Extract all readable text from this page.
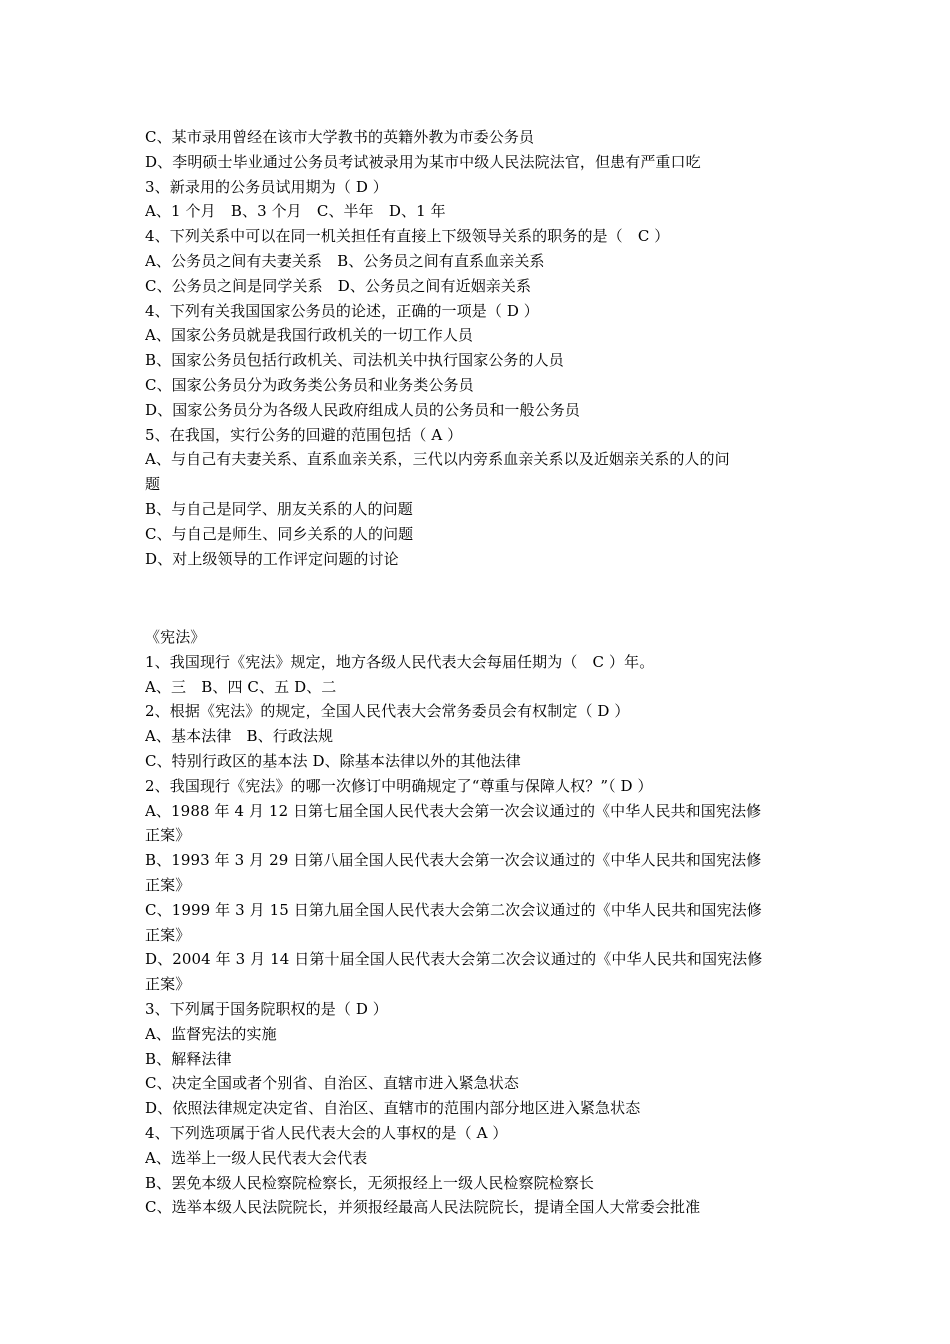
C、某市录用曾经在该市大学教书的英籍外教为市委公务员
D、李明硕士毕业通过公务员考试被录用为某市中级人民法院法官，但患有严重口吃
3、新录用的公务员试用期为（ D ）
A、1 个月　B、3 个月　C、半年　D、1 年
4、下列关系中可以在同一机关担任有直接上下级领导关系的职务的是（　C ）
A、公务员之间有夫妻关系　B、公务员之间有直系血亲关系
C、公务员之间是同学关系　D、公务员之间有近姻亲关系
4、下列有关我国国家公务员的论述，正确的一项是（ D ）
A、国家公务员就是我国行政机关的一切工作人员
B、国家公务员包括行政机关、司法机关中执行国家公务的人员
C、国家公务员分为政务类公务员和业务类公务员
D、国家公务员分为各级人民政府组成人员的公务员和一般公务员
5、在我国，实行公务的回避的范围包括（ A ）
A、与自己有夫妻关系、直系血亲关系，三代以内旁系血亲关系以及近姻亲关系的人的问
题
B、与自己是同学、朋友关系的人的问题
C、与自己是师生、同乡关系的人的问题
D、对上级领导的工作评定问题的讨论
《宪法》
1、我国现行《宪法》规定，地方各级人民代表大会每届任期为（　C ）年。
A、三　B、四 C、五 D、二
2、根据《宪法》的规定，全国人民代表大会常务委员会有权制定（ D ）
A、基本法律　B、行政法规
C、特别行政区的基本法 D、除基本法律以外的其他法律
2、我国现行《宪法》的哪一次修订中明确规定了“尊重与保障人权？”（ D ）
A、1988 年 4 月 12 日第七届全国人民代表大会第一次会议通过的《中华人民共和国宪法修
正案》
B、1993 年 3 月 29 日第八届全国人民代表大会第一次会议通过的《中华人民共和国宪法修
正案》
C、1999 年 3 月 15 日第九届全国人民代表大会第二次会议通过的《中华人民共和国宪法修
正案》
D、2004 年 3 月 14 日第十届全国人民代表大会第二次会议通过的《中华人民共和国宪法修
正案》
3、下列属于国务院职权的是（ D ）
A、监督宪法的实施
B、解释法律
C、决定全国或者个别省、自治区、直辖市进入紧急状态
D、依照法律规定决定省、自治区、直辖市的范围内部分地区进入紧急状态
4、下列选项属于省人民代表大会的人事权的是（ A ）
A、选举上一级人民代表大会代表
B、罢免本级人民检察院检察长，无须报经上一级人民检察院检察长
C、选举本级人民法院院长，并须报经最高人民法院院长，提请全国人大常委会批准
